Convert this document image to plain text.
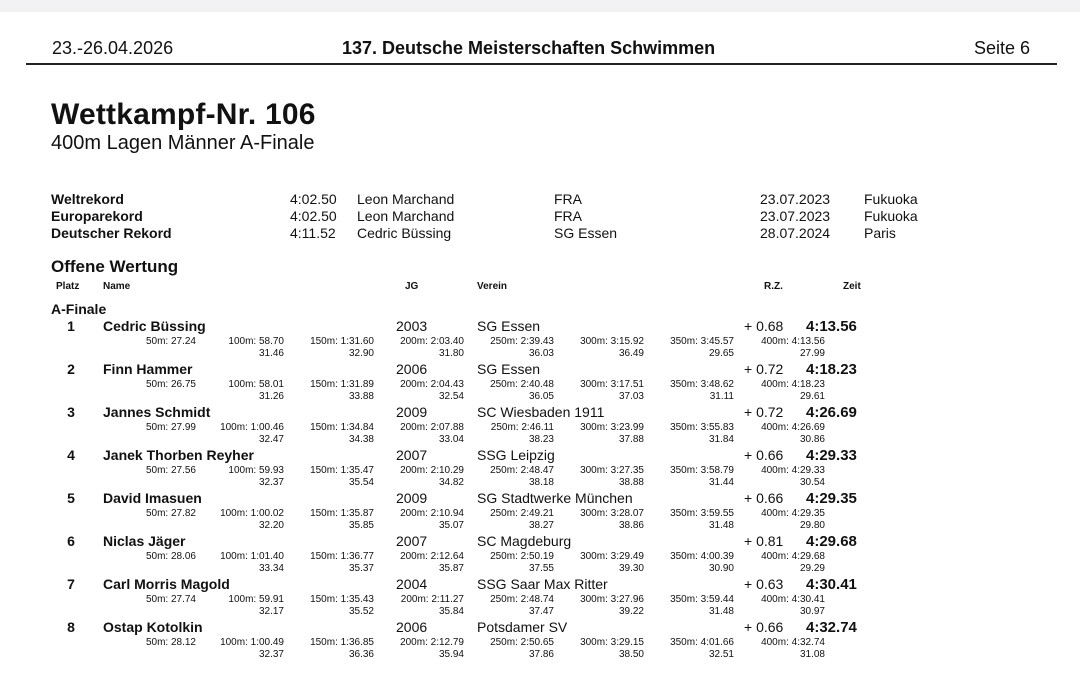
23.-26.04.2026	137. Deutsche Meisterschaften Schwimmen	Seite 6
Wettkampf-Nr. 106
400m Lagen Männer A-Finale
Weltrekord	4:02.50 Leon Marchand	FRA	23.07.2023 Fukuoka
Europarekord	4:02.50 Leon Marchand	FRA	23.07.2023 Fukuoka
Deutscher Rekord	4:11.52 Cedric Büssing	SG Essen	28.07.2024 Paris
Offene Wertung
Platz Name	JG	Verein	R.Z.	Zeit
A-Finale
1	Cedric Büssing	2003	SG Essen	+ 0.68 4:13.56
50m: 27.24	100m: 58.70	150m: 1:31.60	200m: 2:03.40	250m: 2:39.43	300m: 3:15.92	350m: 3:45.57	400m: 4:13.56
31.46	32.90	31.80	36.03	36.49	29.65	27.99
2	Finn Hammer	2006	SG Essen	+ 0.72 4:18.23
50m: 26.75	100m: 58.01	150m: 1:31.89	200m: 2:04.43	250m: 2:40.48	300m: 3:17.51	350m: 3:48.62	400m: 4:18.23
31.26	33.88	32.54	36.05	37.03	31.11	29.61
3	Jannes Schmidt	2009	SC Wiesbaden 1911	+ 0.72 4:26.69
50m: 27.99 100m: 1:00.46	150m: 1:34.84	200m: 2:07.88	250m: 2:46.11	300m: 3:23.99	350m: 3:55.83	400m: 4:26.69
32.47	34.38	33.04	38.23	37.88	31.84	30.86
4	Janek Thorben Reyher	2007	SSG Leipzig	+ 0.66 4:29.33
50m: 27.56	100m: 59.93	150m: 1:35.47	200m: 2:10.29	250m: 2:48.47	300m: 3:27.35	350m: 3:58.79	400m: 4:29.33
32.37	35.54	34.82	38.18	38.88	31.44	30.54
5	David Imasuen	2009	SG Stadtwerke München	+ 0.66 4:29.35
50m: 27.82 100m: 1:00.02	150m: 1:35.87	200m: 2:10.94	250m: 2:49.21	300m: 3:28.07	350m: 3:59.55	400m: 4:29.35
32.20	35.85	35.07	38.27	38.86	31.48	29.80
6	Niclas Jäger	2007	SC Magdeburg	+ 0.81 4:29.68
50m: 28.06 100m: 1:01.40	150m: 1:36.77	200m: 2:12.64	250m: 2:50.19	300m: 3:29.49	350m: 4:00.39	400m: 4:29.68
33.34	35.37	35.87	37.55	39.30	30.90	29.29
7	Carl Morris Magold	2004	SSG Saar Max Ritter	+ 0.63 4:30.41
50m: 27.74	100m: 59.91	150m: 1:35.43	200m: 2:11.27	250m: 2:48.74	300m: 3:27.96	350m: 3:59.44	400m: 4:30.41
32.17	35.52	35.84	37.47	39.22	31.48	30.97
8	Ostap Kotolkin	2006	Potsdamer SV	+ 0.66 4:32.74
50m: 28.12 100m: 1:00.49	150m: 1:36.85	200m: 2:12.79	250m: 2:50.65	300m: 3:29.15	350m: 4:01.66	400m: 4:32.74
32.37	36.36	35.94	37.86	38.50	32.51	31.08
